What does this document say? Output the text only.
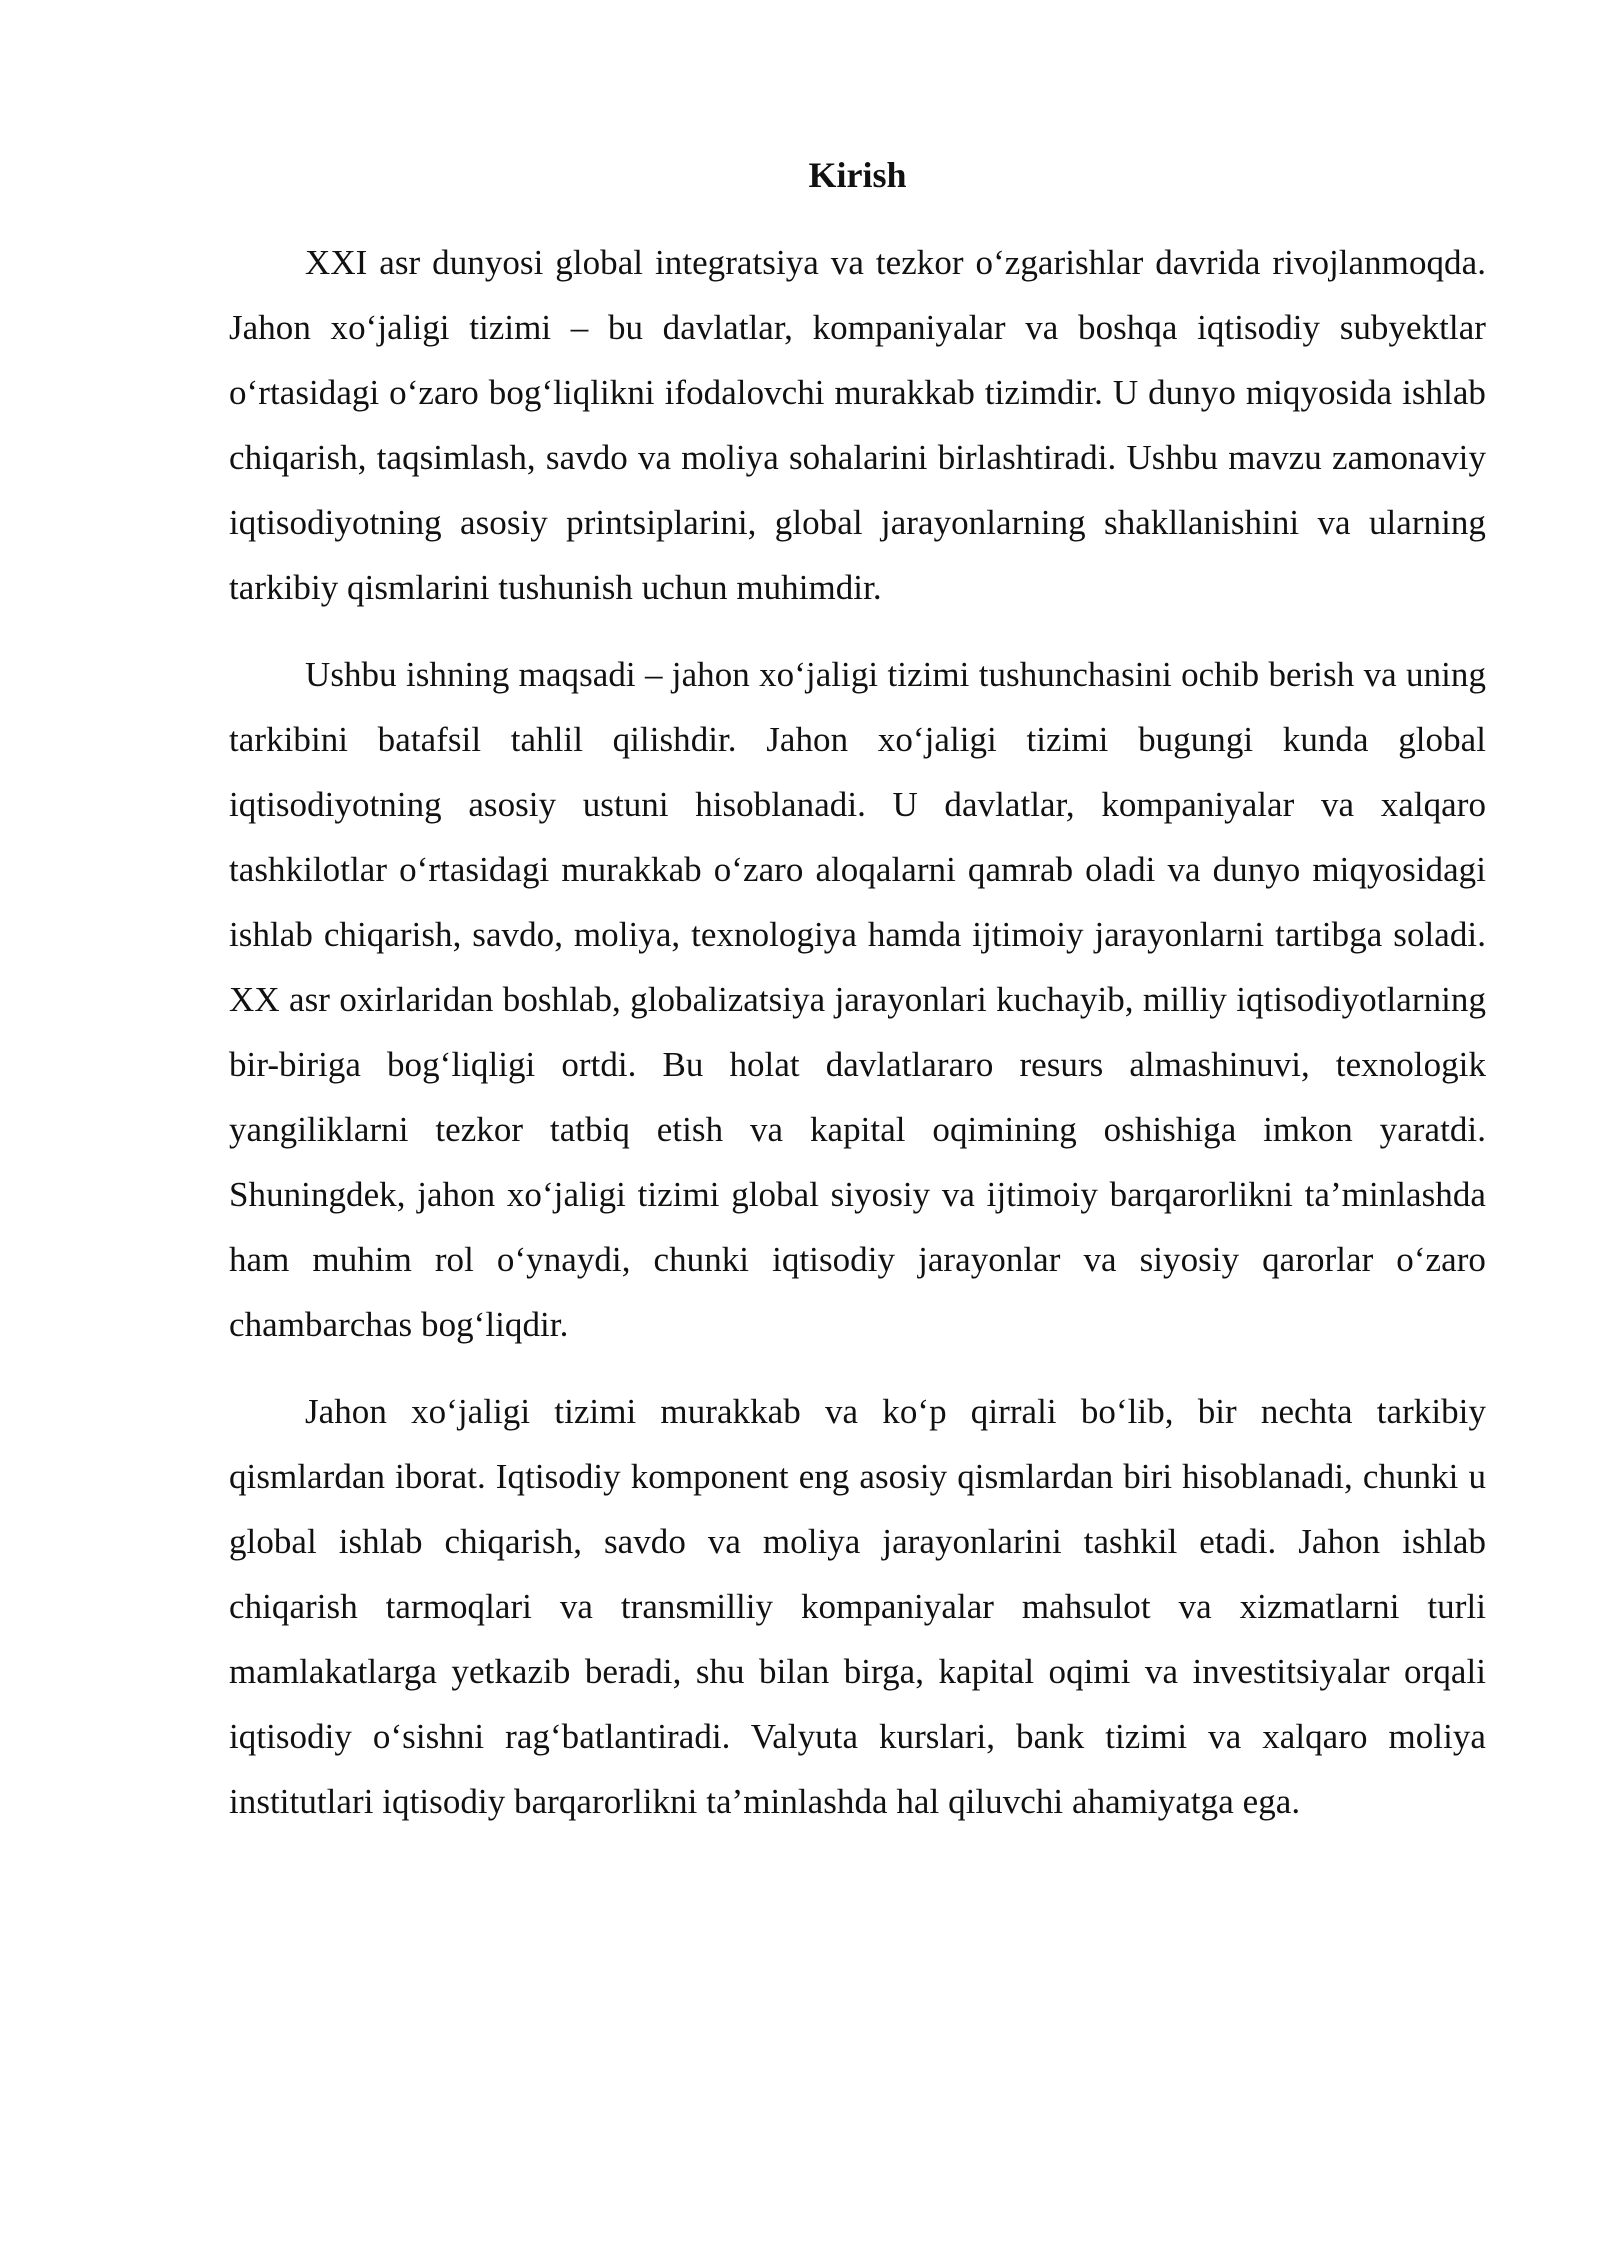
Kirish

XXI asr dunyosi global integratsiya va tezkor o‘zgarishlar davrida rivojlanmoqda. Jahon xo‘jaligi tizimi – bu davlatlar, kompaniyalar va boshqa iqtisodiy subyektlar o‘rtasidagi o‘zaro bog‘liqlikni ifodalovchi murakkab tizimdir. U dunyo miqyosida ishlab chiqarish, taqsimlash, savdo va moliya sohalarini birlashtiradi. Ushbu mavzu zamonaviy iqtisodiyotning asosiy printsiplarini, global jarayonlarning shakllanishini va ularning tarkibiy qismlarini tushunish uchun muhimdir.

Ushbu ishning maqsadi – jahon xo‘jaligi tizimi tushunchasini ochib berish va uning tarkibini batafsil tahlil qilishdir. Jahon xo‘jaligi tizimi bugungi kunda global iqtisodiyotning asosiy ustuni hisoblanadi. U davlatlar, kompaniyalar va xalqaro tashkilotlar o‘rtasidagi murakkab o‘zaro aloqalarni qamrab oladi va dunyo miqyosidagi ishlab chiqarish, savdo, moliya, texnologiya hamda ijtimoiy jarayonlarni tartibga soladi. XX asr oxirlaridan boshlab, globalizatsiya jarayonlari kuchayib, milliy iqtisodiyotlarning bir-biriga bog‘liqligi ortdi. Bu holat davlatlararo resurs almashinuvi, texnologik yangiliklarni tezkor tatbiq etish va kapital oqimining oshishiga imkon yaratdi. Shuningdek, jahon xo‘jaligi tizimi global siyosiy va ijtimoiy barqarorlikni ta’minlashda ham muhim rol o‘ynaydi, chunki iqtisodiy jarayonlar va siyosiy qarorlar o‘zaro chambarchas bog‘liqdir.

Jahon xo‘jaligi tizimi murakkab va ko‘p qirrali bo‘lib, bir nechta tarkibiy qismlardan iborat. Iqtisodiy komponent eng asosiy qismlardan biri hisoblanadi, chunki u global ishlab chiqarish, savdo va moliya jarayonlarini tashkil etadi. Jahon ishlab chiqarish tarmoqlari va transmilliy kompaniyalar mahsulot va xizmatlarni turli mamlakatlarga yetkazib beradi, shu bilan birga, kapital oqimi va investitsiyalar orqali iqtisodiy o‘sishni rag‘batlantiradi. Valyuta kurslari, bank tizimi va xalqaro moliya institutlari iqtisodiy barqarorlikni ta’minlashda hal qiluvchi ahamiyatga ega.
